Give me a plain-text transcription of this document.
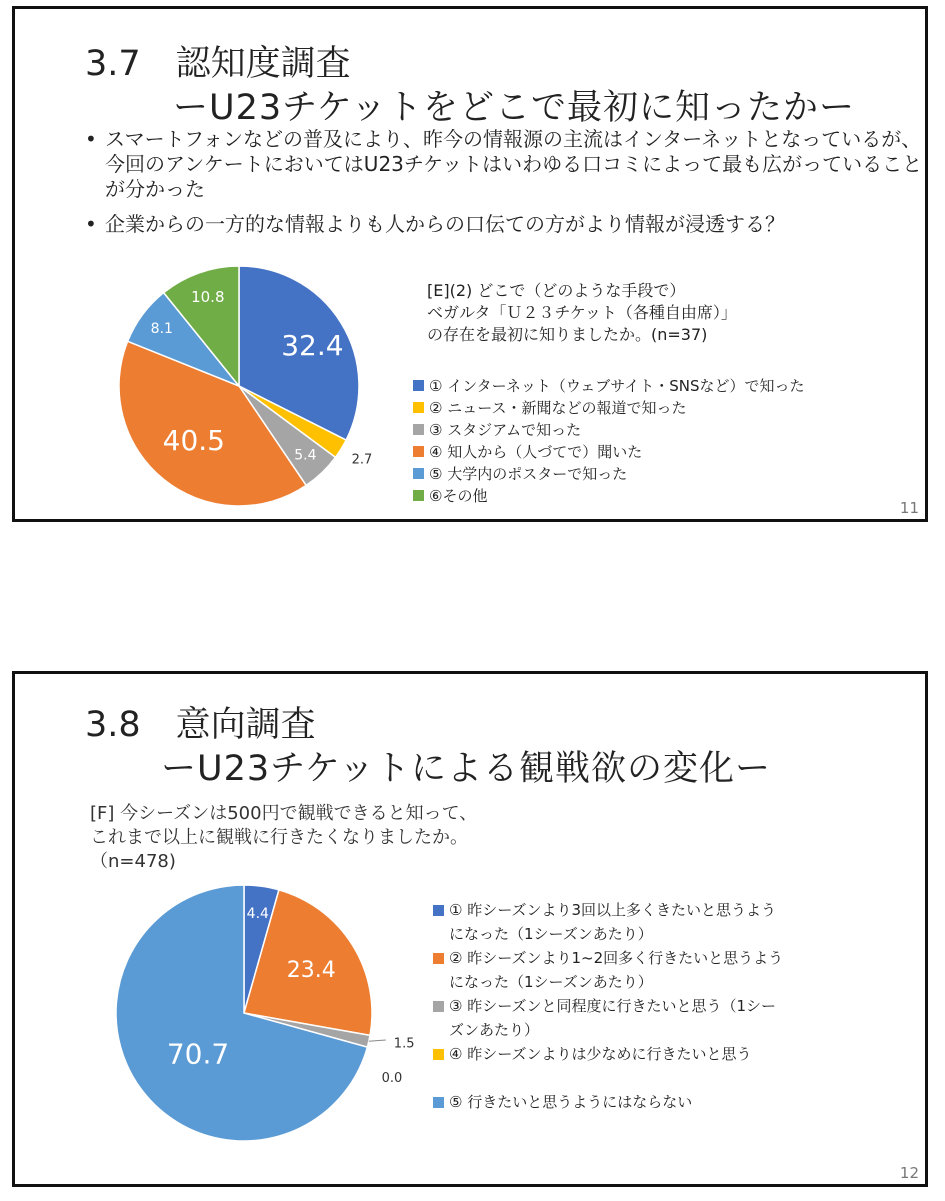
3.7　認知度調査
ーU23チケットをどこで最初に知ったかー
• スマートフォンなどの普及により、昨今の情報源の主流はインターネットとなっているが、今回のアンケートにおいてはU23チケットはいわゆる口コミによって最も広がっていることが分かった
• 企業からの一方的な情報よりも人からの口伝ての方がより情報が浸透する？
32.4
2.7
5.4
40.5
8.1
10.8	[E](2) どこで（どのような手段で）
ベガルタ「Ｕ２３チケット（各種自由席）」
の存在を最初に知りましたか。(n=37)
① インターネット（ウェブサイト・SNSなど）で知った
② ニュース・新聞などの報道で知った
③ スタジアムで知った
④ 知人から（人づてで）聞いた
⑤ 大学内のポスターで知った
⑥その他
11
3.8　意向調査
ーU23チケットによる観戦欲の変化ー
[F] 今シーズンは500円で観戦できると知って、
これまで以上に観戦に行きたくなりましたか。
（n=478)
4.4
23.4
1.5
0.0
70.7
① 昨シーズンより3回以上多くきたいと思うよう
になった（1シーズンあたり）
② 昨シーズンより1~2回多く行きたいと思うよう
になった（1シーズンあたり）
③ 昨シーズンと同程度に行きたいと思う（1シー
ズンあたり）
④ 昨シーズンよりは少なめに行きたいと思う
⑤ 行きたいと思うようにはならない
12
